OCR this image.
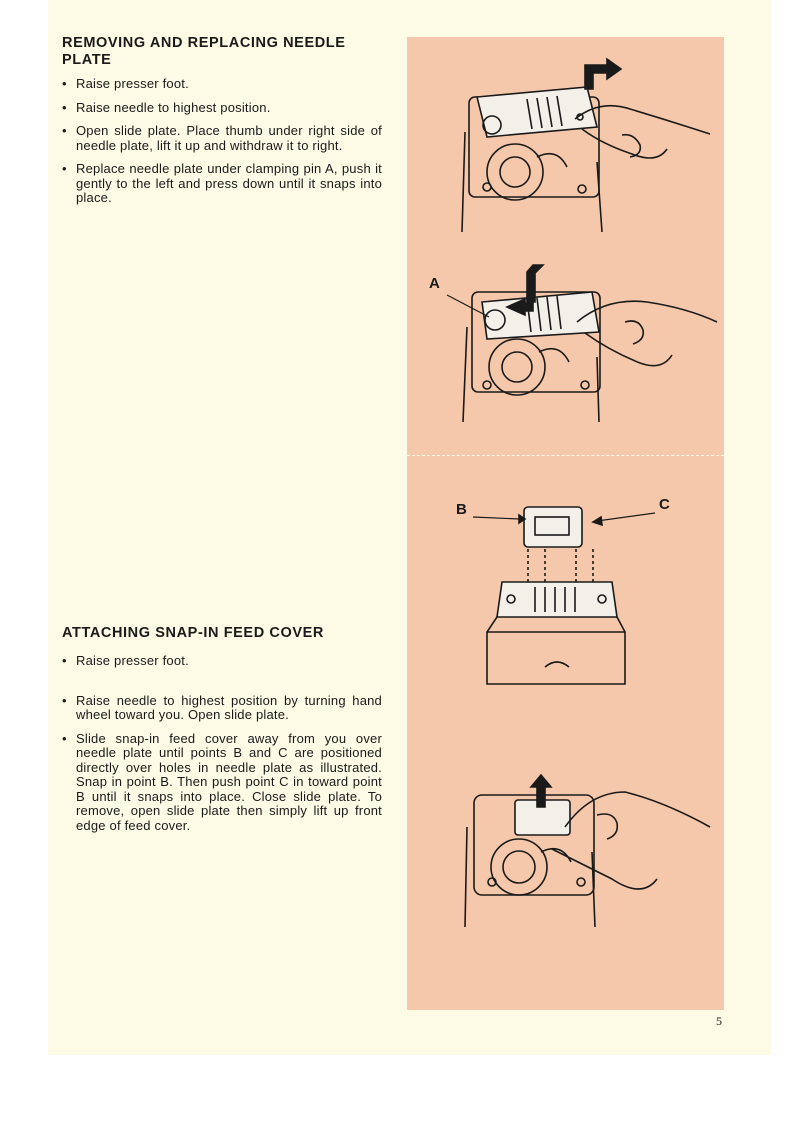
REMOVING AND REPLACING NEEDLE PLATE
• Raise presser foot.
• Raise needle to highest position.
• Open slide plate. Place thumb under right side of needle plate, lift it up and withdraw it to right.
• Replace needle plate under clamping pin A, push it gently to the left and press down until it snaps into place.
ATTACHING SNAP-IN FEED COVER
• Raise presser foot.
• Raise needle to highest position by turning hand wheel toward you. Open slide plate.
• Slide snap-in feed cover away from you over needle plate until points B and C are positioned directly over holes in needle plate as illustrated. Snap in point B. Then push point C in toward point B until it snaps into place. Close slide plate. To remove, open slide plate then simply lift up front edge of feed cover.
A
B	C
5
